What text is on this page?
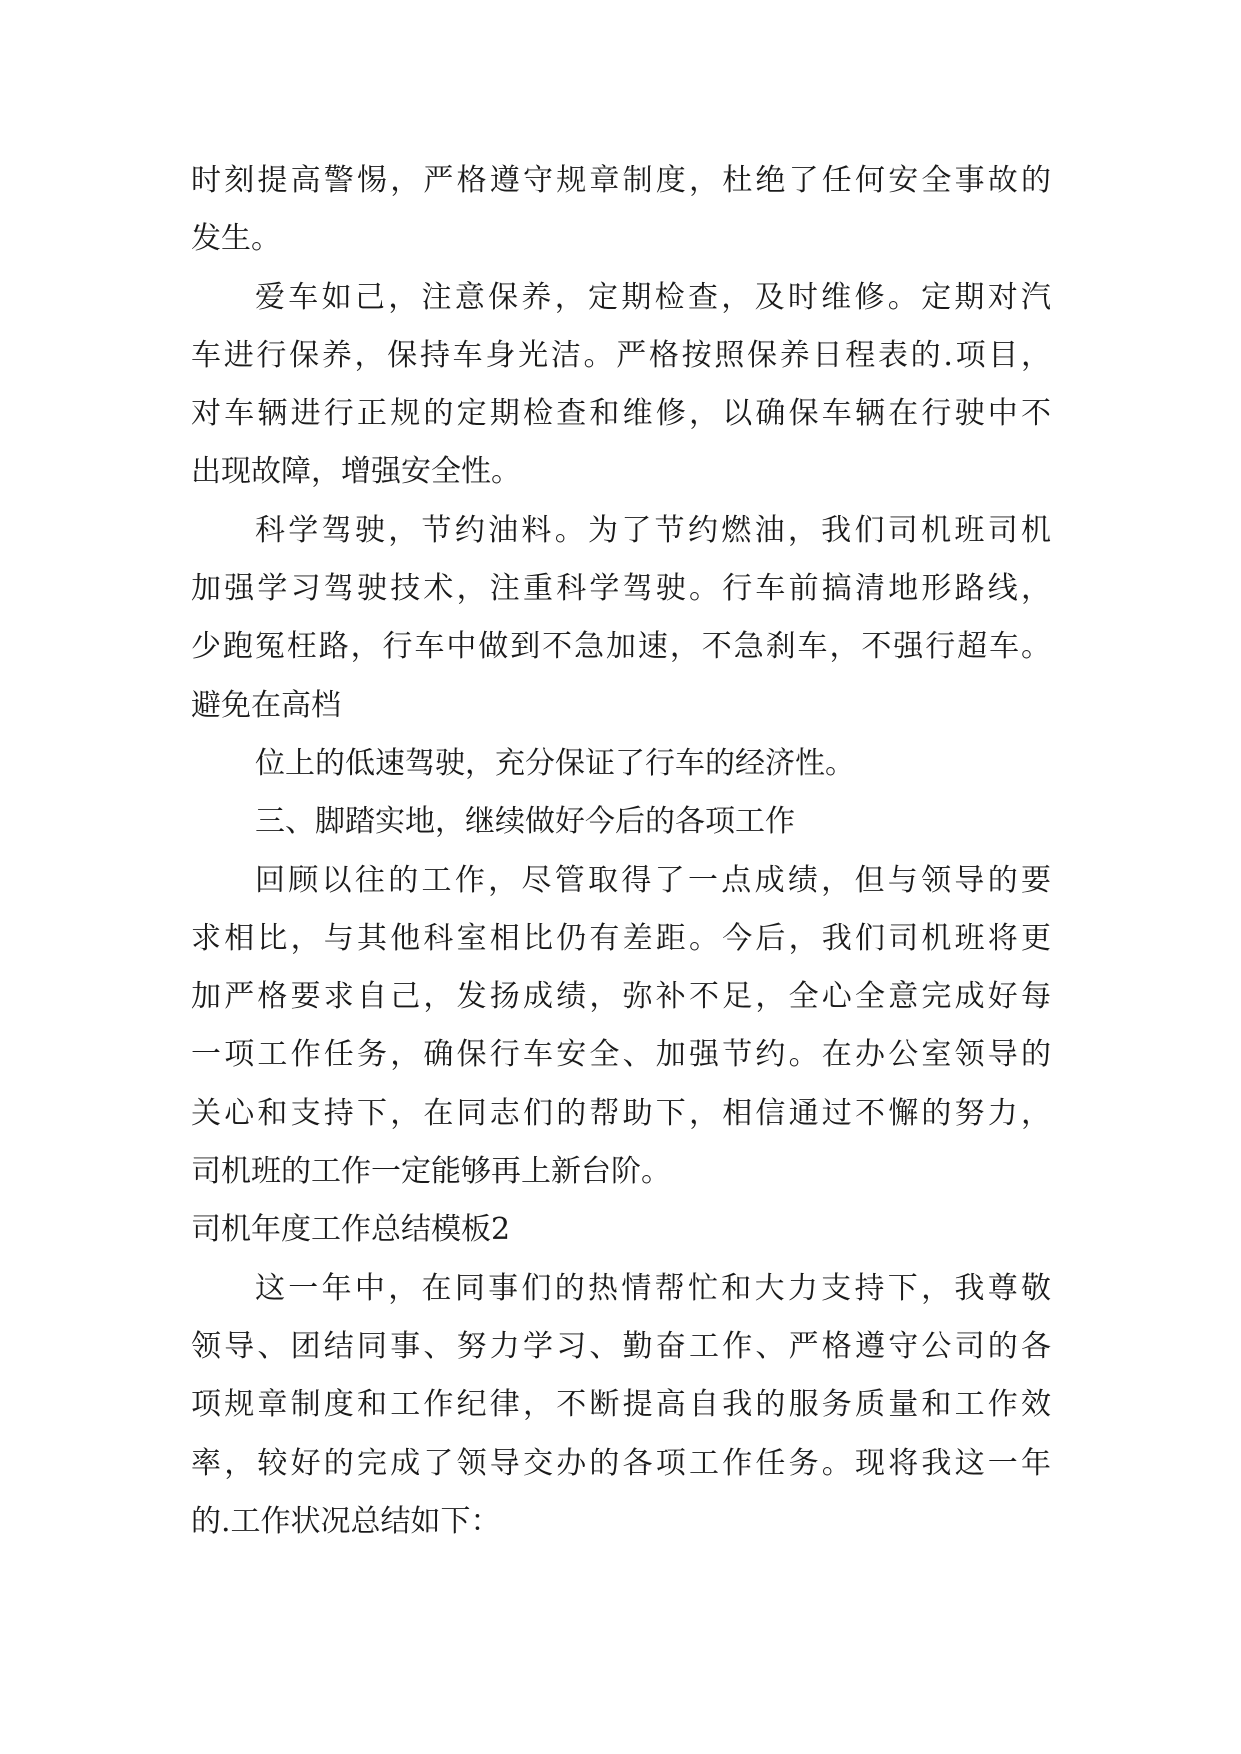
时刻提高警惕，严格遵守规章制度，杜绝了任何安全事故的
发生。
爱车如己，注意保养，定期检查，及时维修。定期对汽
车进行保养，保持车身光洁。严格按照保养日程表的.项目，
对车辆进行正规的定期检查和维修，以确保车辆在行驶中不
出现故障，增强安全性。
科学驾驶，节约油料。为了节约燃油，我们司机班司机
加强学习驾驶技术，注重科学驾驶。行车前搞清地形路线，
少跑冤枉路，行车中做到不急加速，不急刹车，不强行超车。
避免在高档
位上的低速驾驶，充分保证了行车的经济性。
三、脚踏实地，继续做好今后的各项工作
回顾以往的工作，尽管取得了一点成绩，但与领导的要
求相比，与其他科室相比仍有差距。今后，我们司机班将更
加严格要求自己，发扬成绩，弥补不足，全心全意完成好每
一项工作任务，确保行车安全、加强节约。在办公室领导的
关心和支持下，在同志们的帮助下，相信通过不懈的努力，
司机班的工作一定能够再上新台阶。
司机年度工作总结模板2
这一年中，在同事们的热情帮忙和大力支持下，我尊敬
领导、团结同事、努力学习、勤奋工作、严格遵守公司的各
项规章制度和工作纪律，不断提高自我的服务质量和工作效
率，较好的完成了领导交办的各项工作任务。现将我这一年
的.工作状况总结如下：
